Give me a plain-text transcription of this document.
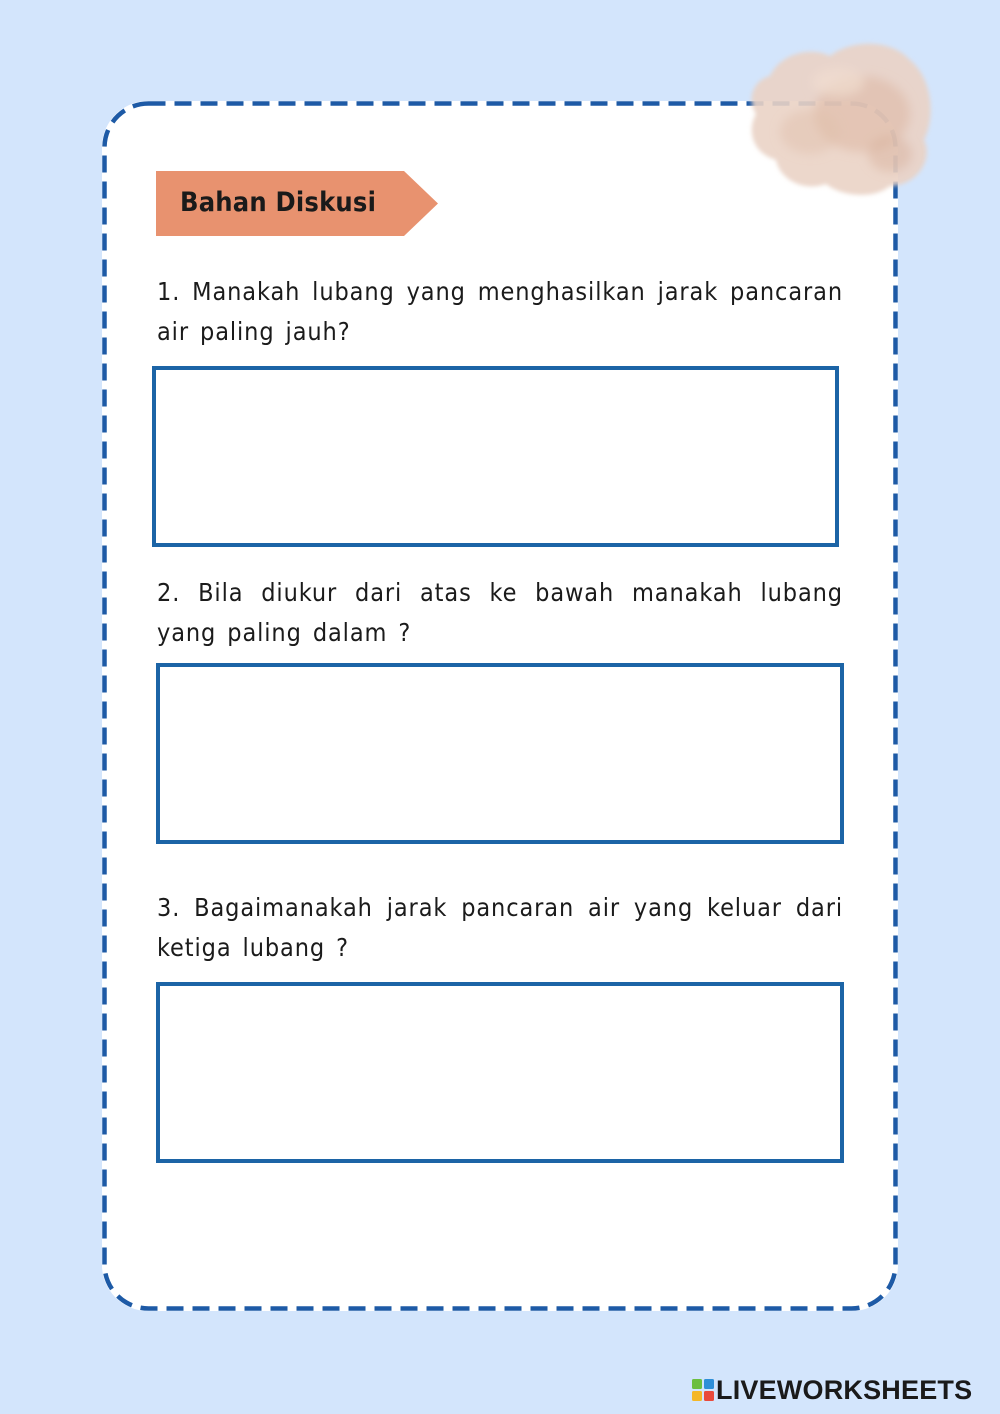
Bahan Diskusi
1. Manakah lubang yang menghasilkan jarak pancaran air paling jauh?
2. Bila diukur dari atas ke bawah manakah lubang yang paling dalam ?
3. Bagaimanakah jarak pancaran air yang keluar dari ketiga lubang ?
LIVEWORKSHEETS
